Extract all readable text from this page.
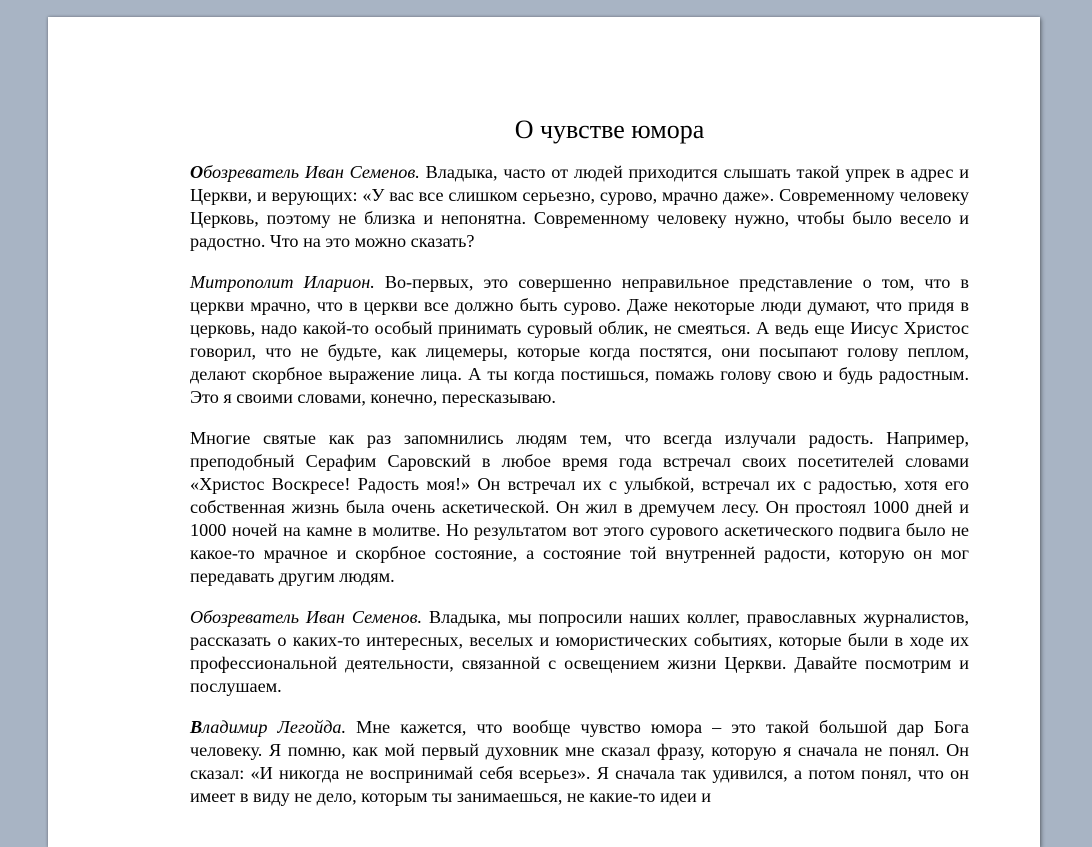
О чувстве юмора

Обозреватель Иван Семенов. Владыка, часто от людей приходится слышать такой упрек в адрес и Церкви, и верующих: «У вас все слишком серьезно, сурово, мрачно даже». Современному человеку Церковь, поэтому не близка и непонятна. Современному человеку нужно, чтобы было весело и радостно. Что на это можно сказать?

Митрополит Иларион. Во-первых, это совершенно неправильное представление о том, что в церкви мрачно, что в церкви все должно быть сурово. Даже некоторые люди думают, что придя в церковь, надо какой-то особый принимать суровый облик, не смеяться. А ведь еще Иисус Христос говорил, что не будьте, как лицемеры, которые когда постятся, они посыпают голову пеплом, делают скорбное выражение лица. А ты когда постишься, помажь голову свою и будь радостным. Это я своими словами, конечно, пересказываю.

Многие святые как раз запомнились людям тем, что всегда излучали радость. Например, преподобный Серафим Саровский в любое время года встречал своих посетителей словами «Христос Воскресе! Радость моя!» Он встречал их с улыбкой, встречал их с радостью, хотя его собственная жизнь была очень аскетической. Он жил в дремучем лесу. Он простоял 1000 дней и 1000 ночей на камне в молитве. Но результатом вот этого сурового аскетического подвига было не какое-то мрачное и скорбное состояние, а состояние той внутренней радости, которую он мог передавать другим людям.

Обозреватель Иван Семенов. Владыка, мы попросили наших коллег, православных журналистов, рассказать о каких-то интересных, веселых и юмористических событиях, которые были в ходе их профессиональной деятельности, связанной с освещением жизни Церкви. Давайте посмотрим и послушаем.

Владимир Легойда. Мне кажется, что вообще чувство юмора – это такой большой дар Бога человеку. Я помню, как мой первый духовник мне сказал фразу, которую я сначала не понял. Он сказал: «И никогда не воспринимай себя всерьез». Я сначала так удивился, а потом понял, что он имеет в виду не дело, которым ты занимаешься, не какие-то идеи и
